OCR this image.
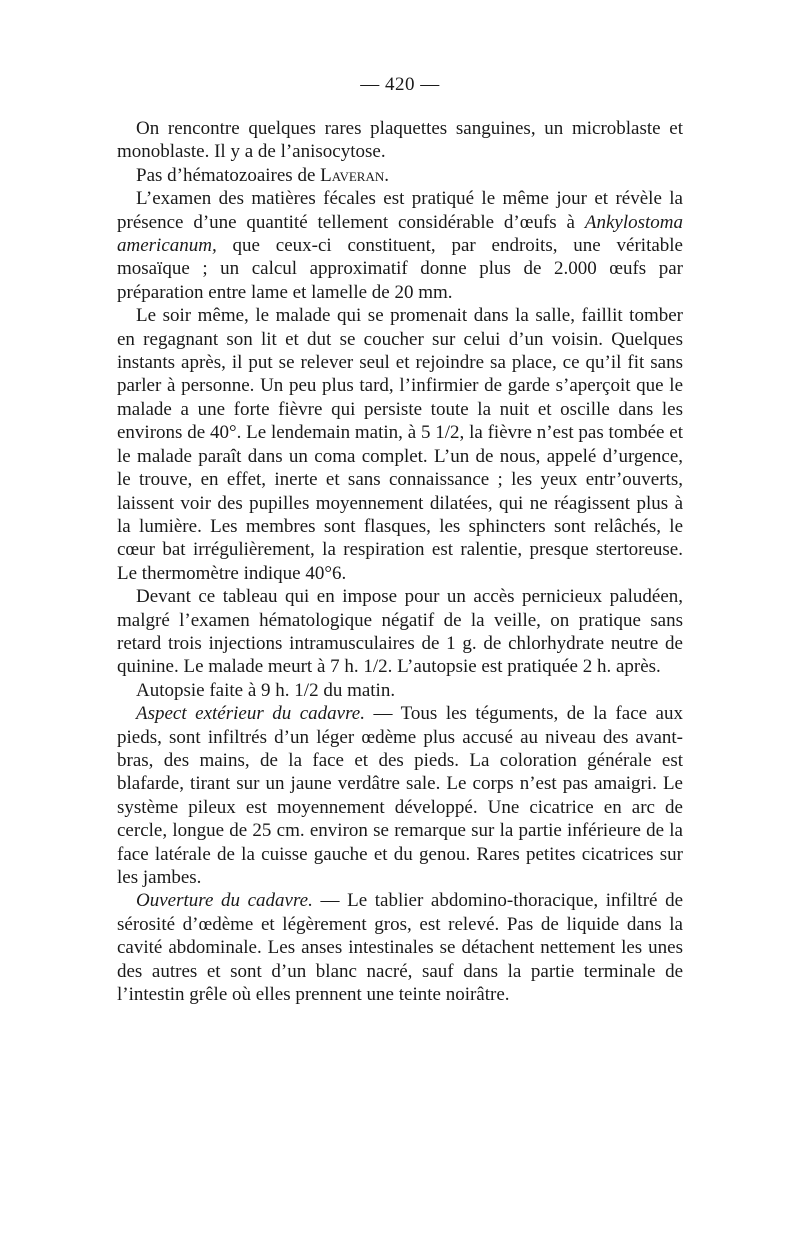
— 420 —

On rencontre quelques rares plaquettes sanguines, un microblaste et monoblaste. Il y a de l’anisocytose.

Pas d’hématozoaires de Laveran.

L’examen des matières fécales est pratiqué le même jour et révèle la présence d’une quantité tellement considérable d’œufs à Ankylostoma americanum, que ceux-ci constituent, par endroits, une véritable mosaïque ; un calcul approximatif donne plus de 2.000 œufs par préparation entre lame et lamelle de 20 mm.

Le soir même, le malade qui se promenait dans la salle, faillit tomber en regagnant son lit et dut se coucher sur celui d’un voisin. Quelques instants après, il put se relever seul et rejoindre sa place, ce qu’il fit sans parler à personne. Un peu plus tard, l’infirmier de garde s’aperçoit que le malade a une forte fièvre qui persiste toute la nuit et oscille dans les environs de 40°. Le lendemain matin, à 5 1/2, la fièvre n’est pas tombée et le malade paraît dans un coma complet. L’un de nous, appelé d’urgence, le trouve, en effet, inerte et sans connaissance ; les yeux entr’ouverts, laissent voir des pupilles moyennement dilatées, qui ne réagissent plus à la lumière. Les membres sont flasques, les sphincters sont relâchés, le cœur bat irrégulièrement, la respiration est ralentie, presque stertoreuse. Le thermomètre indique 40°6.

Devant ce tableau qui en impose pour un accès pernicieux paludéen, malgré l’examen hématologique négatif de la veille, on pratique sans retard trois injections intramusculaires de 1 g. de chlorhydrate neutre de quinine. Le malade meurt à 7 h. 1/2. L’autopsie est pratiquée 2 h. après.

Autopsie faite à 9 h. 1/2 du matin.

Aspect extérieur du cadavre. — Tous les téguments, de la face aux pieds, sont infiltrés d’un léger œdème plus accusé au niveau des avant-bras, des mains, de la face et des pieds. La coloration générale est blafarde, tirant sur un jaune verdâtre sale. Le corps n’est pas amaigri. Le système pileux est moyennement développé. Une cicatrice en arc de cercle, longue de 25 cm. environ se remarque sur la partie inférieure de la face latérale de la cuisse gauche et du genou. Rares petites cicatrices sur les jambes.

Ouverture du cadavre. — Le tablier abdomino-thoracique, infiltré de sérosité d’œdème et légèrement gros, est relevé. Pas de liquide dans la cavité abdominale. Les anses intestinales se détachent nettement les unes des autres et sont d’un blanc nacré, sauf dans la partie terminale de l’intestin grêle où elles prennent une teinte noirâtre.
